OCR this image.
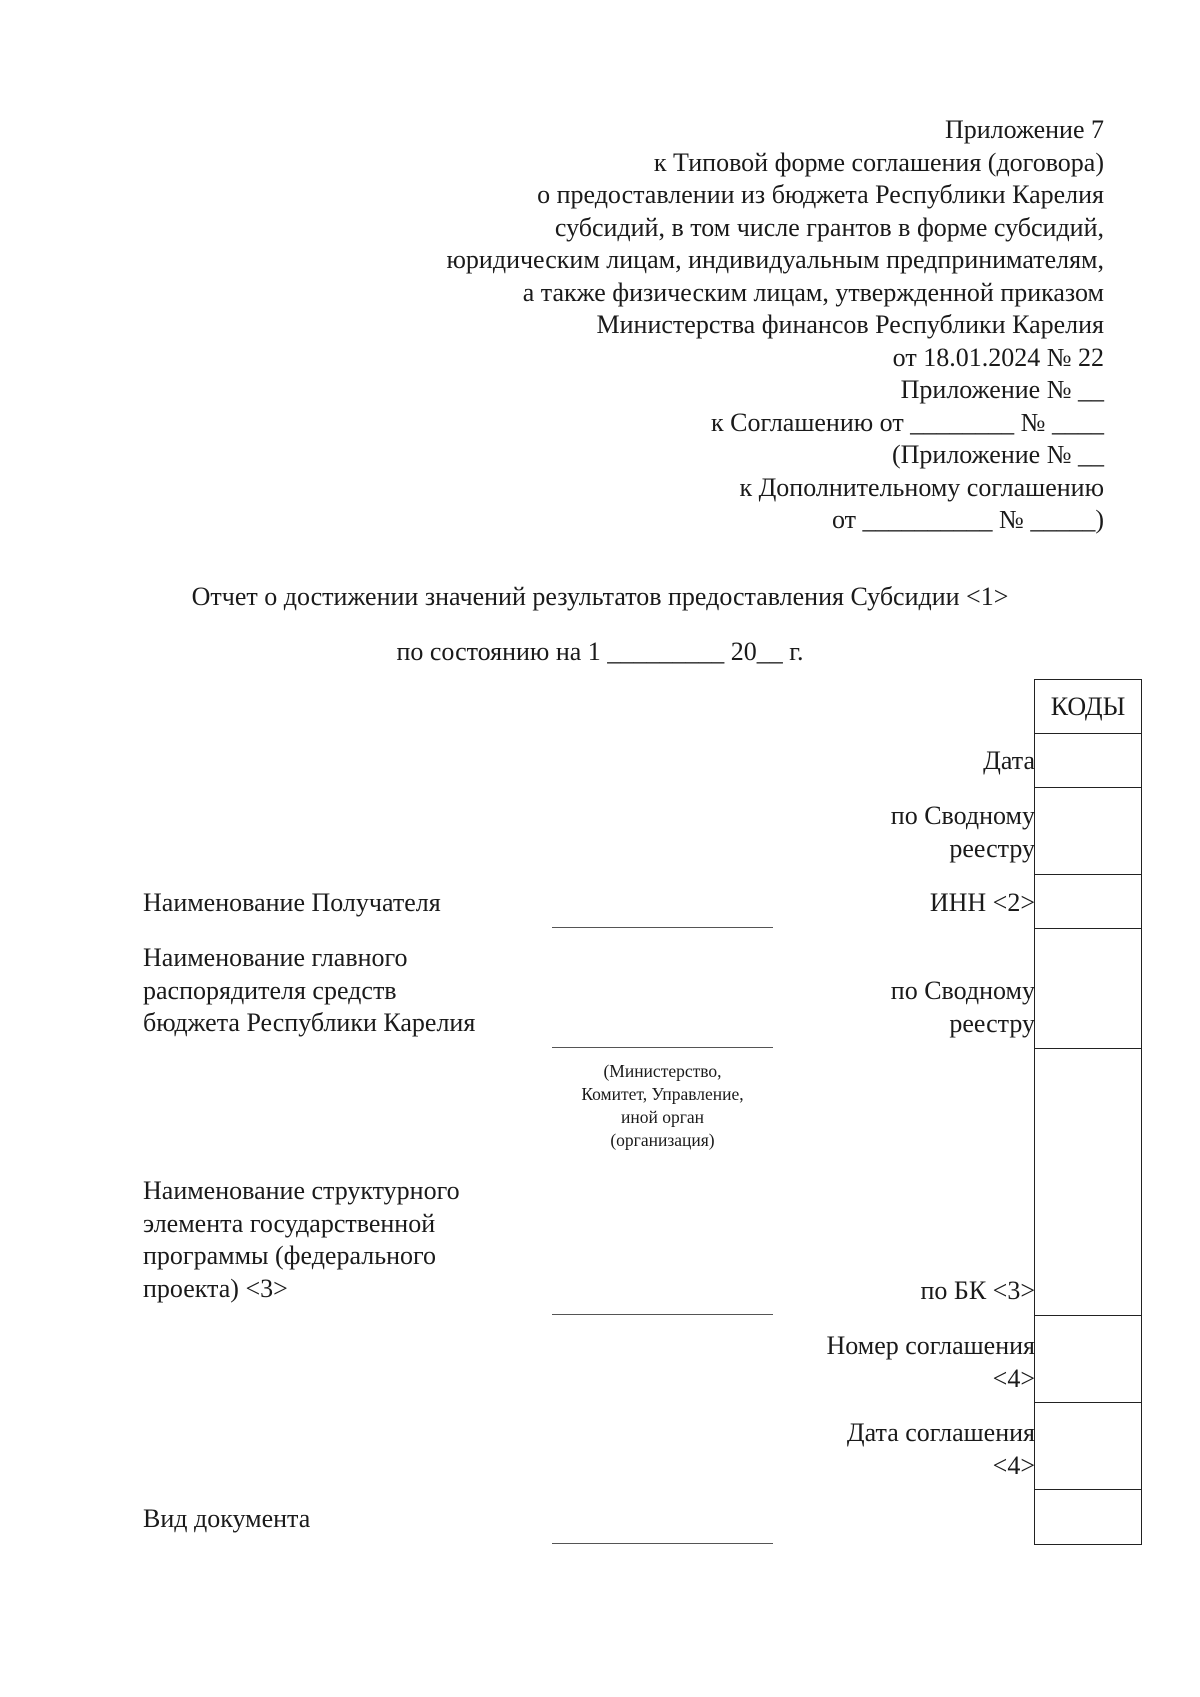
Приложение 7
к Типовой форме соглашения (договора)
о предоставлении из бюджета Республики Карелия
субсидий, в том числе грантов в форме субсидий,
юридическим лицам, индивидуальным предпринимателям,
а также физическим лицам, утвержденной приказом
Министерства финансов Республики Карелия
от 18.01.2024 № 22
Приложение № __
к Соглашению от ________ № ____
(Приложение № __
к Дополнительному соглашению
от __________ № _____)
Отчет о достижении значений результатов предоставления Субсидии <1>
по состоянию на 1 _________ 20__ г.
КОДЫ
Дата
по Сводному
реестру
ИНН <2>
по Сводному
реестру
по БК <3>
Номер соглашения
<4>
Дата соглашения
<4>
Наименование Получателя
Наименование главного
распорядителя средств
бюджета Республики Карелия
Наименование структурного
элемента государственной
программы (федерального
проекта) <3>
Вид документа
(Министерство,
Комитет, Управление,
иной орган
(организация)
